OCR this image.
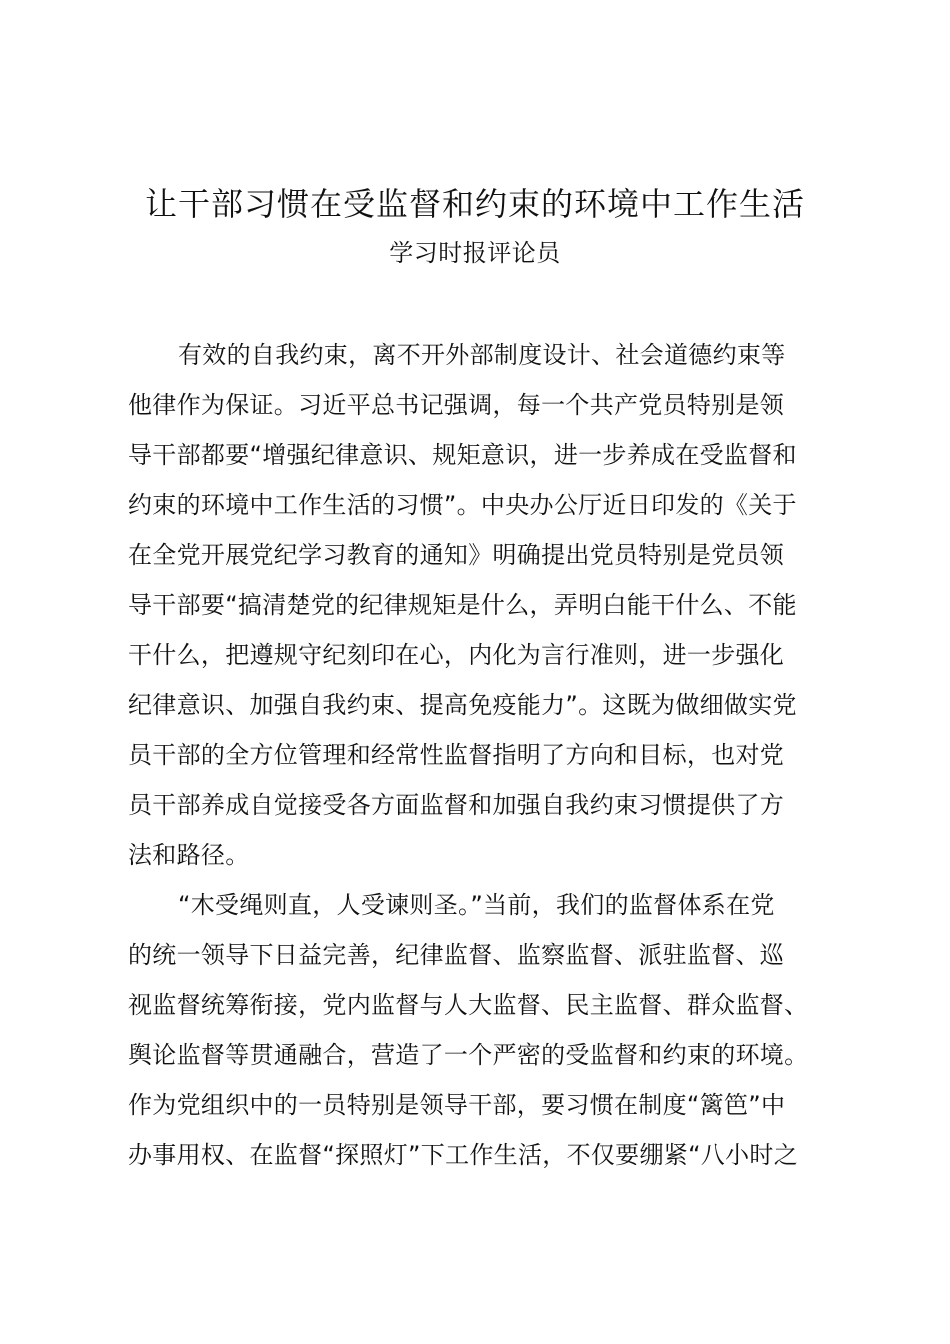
让干部习惯在受监督和约束的环境中工作生活
学习时报评论员
有效的自我约束，离不开外部制度设计、社会道德约束等
他律作为保证。习近平总书记强调，每一个共产党员特别是领
导干部都要“增强纪律意识、规矩意识，进一步养成在受监督和
约束的环境中工作生活的习惯”。中央办公厅近日印发的《关于
在全党开展党纪学习教育的通知》明确提出党员特别是党员领
导干部要“搞清楚党的纪律规矩是什么，弄明白能干什么、不能
干什么，把遵规守纪刻印在心，内化为言行准则，进一步强化
纪律意识、加强自我约束、提高免疫能力”。这既为做细做实党
员干部的全方位管理和经常性监督指明了方向和目标，也对党
员干部养成自觉接受各方面监督和加强自我约束习惯提供了方
法和路径。
“木受绳则直，人受谏则圣。”当前，我们的监督体系在党
的统一领导下日益完善，纪律监督、监察监督、派驻监督、巡
视监督统筹衔接，党内监督与人大监督、民主监督、群众监督、
舆论监督等贯通融合，营造了一个严密的受监督和约束的环境。
作为党组织中的一员特别是领导干部，要习惯在制度“篱笆”中
办事用权、在监督“探照灯”下工作生活，不仅要绷紧“八小时之
